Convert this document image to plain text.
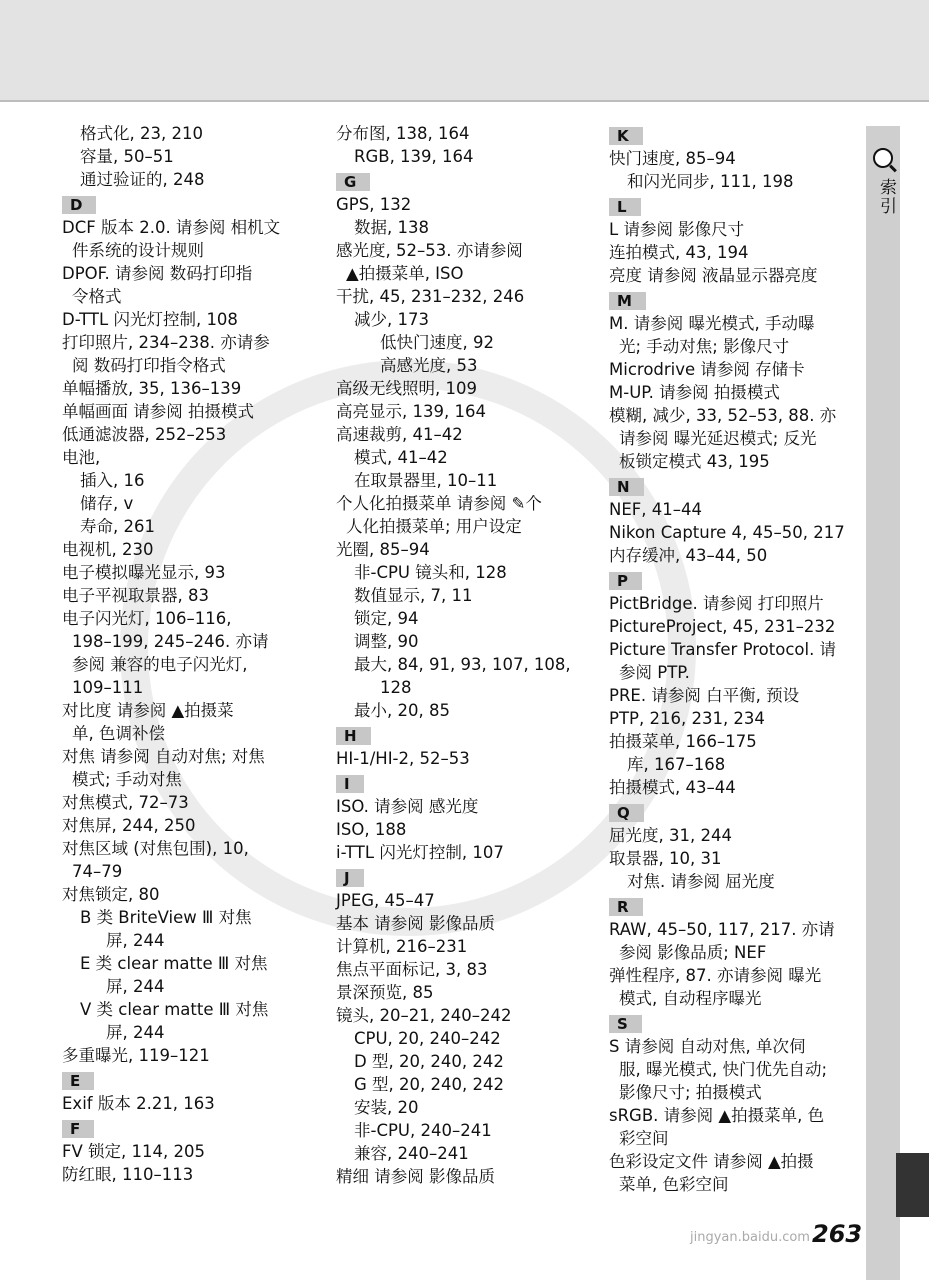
格式化, 23, 210
容量, 50–51
通过验证的, 248
D
DCF 版本 2.0. 请参阅 相机文
件系统的设计规则
DPOF. 请参阅 数码打印指
令格式
D-TTL 闪光灯控制, 108
打印照片, 234–238. 亦请参
阅 数码打印指令格式
单幅播放, 35, 136–139
单幅画面 请参阅 拍摄模式
低通滤波器, 252–253
电池,
插入, 16
储存, v
寿命, 261
电视机, 230
电子模拟曝光显示, 93
电子平视取景器, 83
电子闪光灯, 106–116,
198–199, 245–246. 亦请
参阅 兼容的电子闪光灯,
109–111
对比度 请参阅 ▲拍摄菜
单, 色调补偿
对焦 请参阅 自动对焦; 对焦
模式; 手动对焦
对焦模式, 72–73
对焦屏, 244, 250
对焦区域 (对焦包围), 10,
74–79
对焦锁定, 80
B 类 BriteView Ⅲ 对焦
屏, 244
E 类 clear matte Ⅲ 对焦
屏, 244
V 类 clear matte Ⅲ 对焦
屏, 244
多重曝光, 119–121
E
Exif 版本 2.21, 163
F
FV 锁定, 114, 205
防红眼, 110–113
分布图, 138, 164
RGB, 139, 164
G
GPS, 132
数据, 138
感光度, 52–53. 亦请参阅
▲拍摄菜单, ISO
干扰, 45, 231–232, 246
减少, 173
低快门速度, 92
高感光度, 53
高级无线照明, 109
高亮显示, 139, 164
高速裁剪, 41–42
模式, 41–42
在取景器里, 10–11
个人化拍摄菜单 请参阅 ✎个
人化拍摄菜单; 用户设定
光圈, 85–94
非-CPU 镜头和, 128
数值显示, 7, 11
锁定, 94
调整, 90
最大, 84, 91, 93, 107, 108,
128
最小, 20, 85
H
HI-1/HI-2, 52–53
I
ISO. 请参阅 感光度
ISO, 188
i-TTL 闪光灯控制, 107
J
JPEG, 45–47
基本 请参阅 影像品质
计算机, 216–231
焦点平面标记, 3, 83
景深预览, 85
镜头, 20–21, 240–242
CPU, 20, 240–242
D 型, 20, 240, 242
G 型, 20, 240, 242
安装, 20
非-CPU, 240–241
兼容, 240–241
精细 请参阅 影像品质
K
快门速度, 85–94
和闪光同步, 111, 198
L
L 请参阅 影像尺寸
连拍模式, 43, 194
亮度 请参阅 液晶显示器亮度
M
M. 请参阅 曝光模式, 手动曝
光; 手动对焦; 影像尺寸
Microdrive 请参阅 存储卡
M-UP. 请参阅 拍摄模式
模糊, 减少, 33, 52–53, 88. 亦
请参阅 曝光延迟模式; 反光
板锁定模式 43, 195
N
NEF, 41–44
Nikon Capture 4, 45–50, 217
内存缓冲, 43–44, 50
P
PictBridge. 请参阅 打印照片
PictureProject, 45, 231–232
Picture Transfer Protocol. 请
参阅 PTP.
PRE. 请参阅 白平衡, 预设
PTP, 216, 231, 234
拍摄菜单, 166–175
库, 167–168
拍摄模式, 43–44
Q
屈光度, 31, 244
取景器, 10, 31
对焦. 请参阅 屈光度
R
RAW, 45–50, 117, 217. 亦请
参阅 影像品质; NEF
弹性程序, 87. 亦请参阅 曝光
模式, 自动程序曝光
S
S 请参阅 自动对焦, 单次伺
服, 曝光模式, 快门优先自动;
影像尺寸; 拍摄模式
sRGB. 请参阅 ▲拍摄菜单, 色
彩空间
色彩设定文件 请参阅 ▲拍摄
菜单, 色彩空间
索引
jingyan.baidu.com 263
